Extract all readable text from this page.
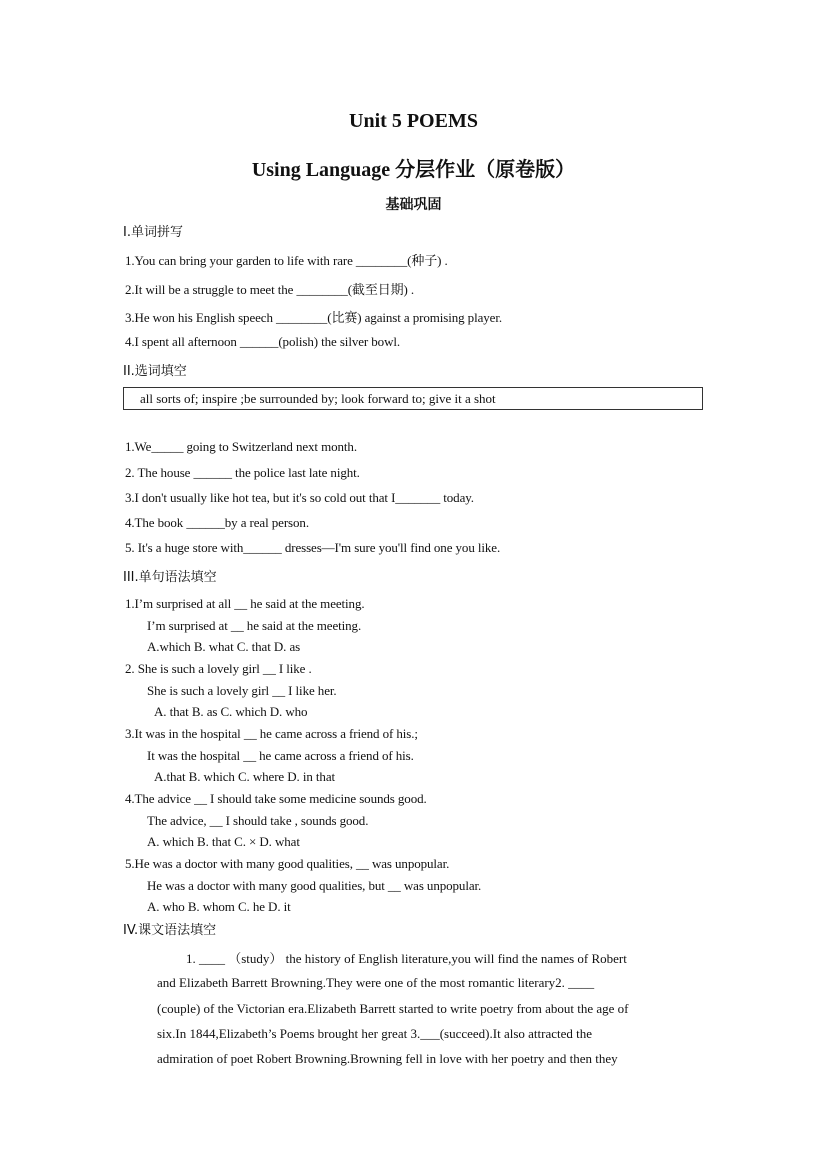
Unit 5 POEMS
Using Language 分层作业（原卷版）
基础巩固
I.单词拼写
1.You can bring your garden to life with rare ________(种子) .
2.It will be a struggle to meet the ________(截至日期) .
3.He won his English speech ________(比赛) against a promising player.
4.I spent all afternoon ______(polish) the silver bowl.
II.选词填空
all sorts of; inspire ;be surrounded by; look forward to; give it a shot
1.We_____ going to Switzerland next month.
2. The house ______ the police last late night.
3.I don't usually like hot tea, but it's so cold out that I_______ today.
4.The book ______by a real person.
5. It's a huge store with______ dresses—I'm sure you'll find one you like.
III.单句语法填空
1.I’m surprised at all __ he said at the meeting.
I’m surprised at __ he said at the meeting.
A.which B. what C. that D. as
2. She is such a lovely girl __ I like .
She is such a lovely girl __ I like her.
A. that B. as C. which D. who
3.It was in the hospital __ he came across a friend of his.;
It was the hospital __ he came across a friend of his.
A.that B. which C. where D. in that
4.The advice __ I should take some medicine sounds good.
The advice, __ I should take , sounds good.
A. which B. that C. × D. what
5.He was a doctor with many good qualities, __ was unpopular.
He was a doctor with many good qualities, but __ was unpopular.
A. who B. whom C. he D. it
IV.课文语法填空
1. ____ （study） the history of English literature,you will find the names of Robert
and Elizabeth Barrett Browning.They were one of the most romantic literary2. ____
(couple) of the Victorian era.Elizabeth Barrett started to write poetry from about the age of
six.In 1844,Elizabeth’s Poems brought her great 3.___(succeed).It also attracted the
admiration of poet Robert Browning.Browning fell in love with her poetry and then they
